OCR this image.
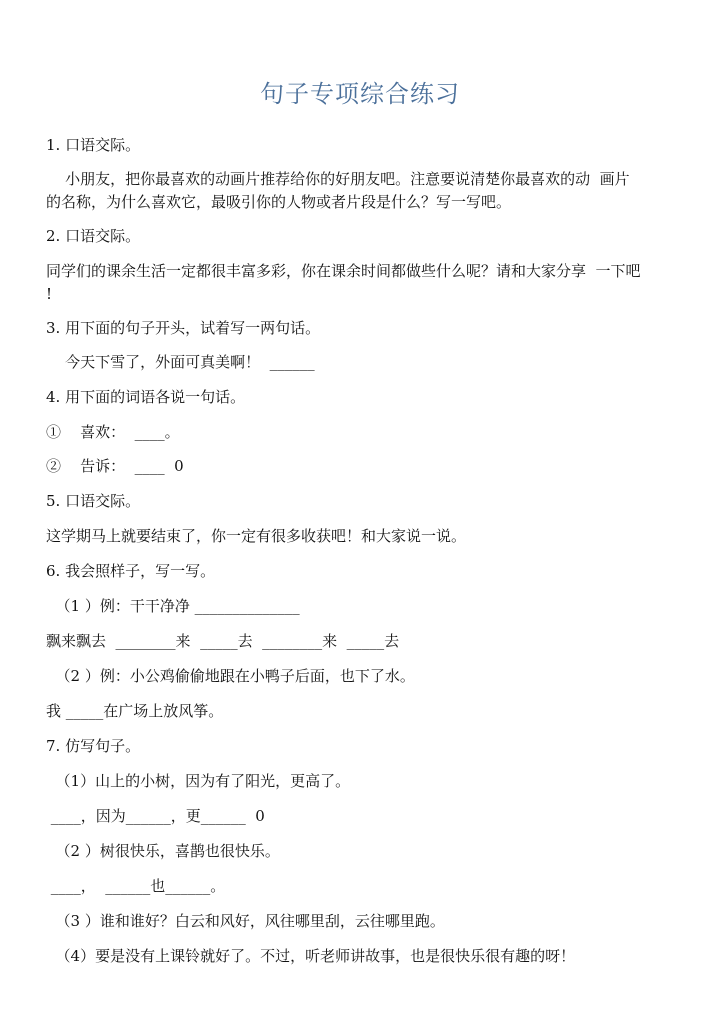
句子专项综合练习
1. 口语交际。
小朋友，把你最喜欢的动画片推荐给你的好朋友吧。注意要说清楚你最喜欢的动  画片
的名称，为什么喜欢它，最吸引你的人物或者片段是什么？写一写吧。
2. 口语交际。
同学们的课余生活一定都很丰富多彩，你在课余时间都做些什么呢？请和大家分享  一下吧
!
3. 用下面的句子开头，试着写一两句话。
今天下雪了，外面可真美啊！  ______
4. 用下面的词语各说一句话。
①    喜欢：  ____。
②    告诉：  ____  0
5. 口语交际。
这学期马上就要结束了，你一定有很多收获吧！和大家说一说。
6. 我会照样子，写一写。
（1 ）例：干干净净 ______________
飘来飘去  ________来  _____去  ________来  _____去
（2 ）例：小公鸡偷偷地跟在小鸭子后面，也下了水。
我 _____在广场上放风筝。
7. 仿写句子。
（1）山上的小树，因为有了阳光，更高了。
____，因为______，更______  0
（2 ）树很快乐，喜鹊也很快乐。
____，  ______也______。
（3 ）谁和谁好？白云和风好，风往哪里刮，云往哪里跑。
（4）要是没有上课铃就好了。不过，听老师讲故事，也是很快乐很有趣的呀！
